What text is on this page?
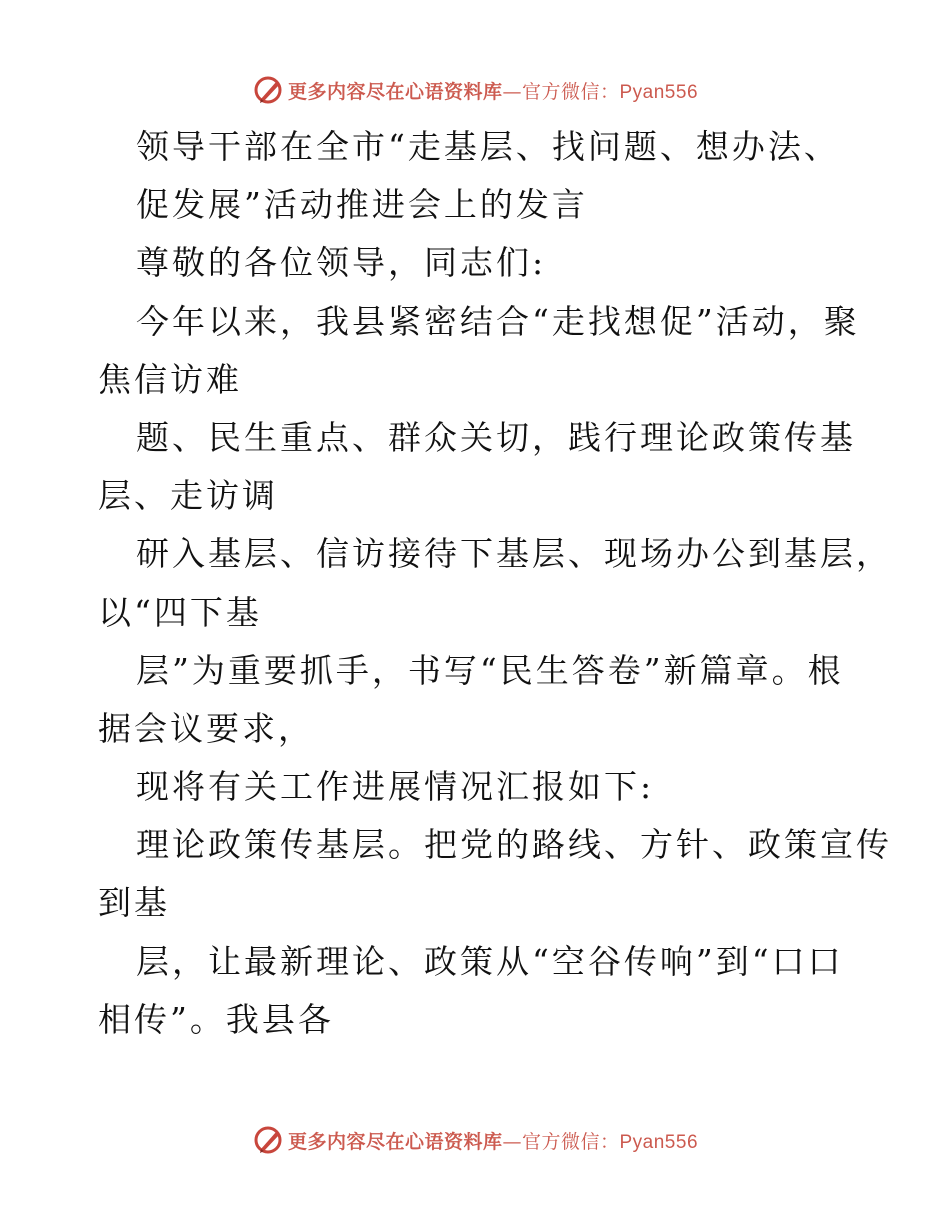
更多内容尽在心语资料库—官方微信：Pyan556
领导干部在全市“走基层、找问题、想办法、
促发展”活动推进会上的发言
尊敬的各位领导，同志们:
今年以来，我县紧密结合“走找想促”活动，聚
焦信访难
题、民生重点、群众关切，践行理论政策传基
层、走访调
研入基层、信访接待下基层、现场办公到基层，
以“四下基
层”为重要抓手，书写“民生答卷”新篇章。根
据会议要求，
现将有关工作进展情况汇报如下:
理论政策传基层。把党的路线、方针、政策宣传
到基
层，让最新理论、政策从“空谷传响”到“口口
相传”。我县各
更多内容尽在心语资料库—官方微信：Pyan556
